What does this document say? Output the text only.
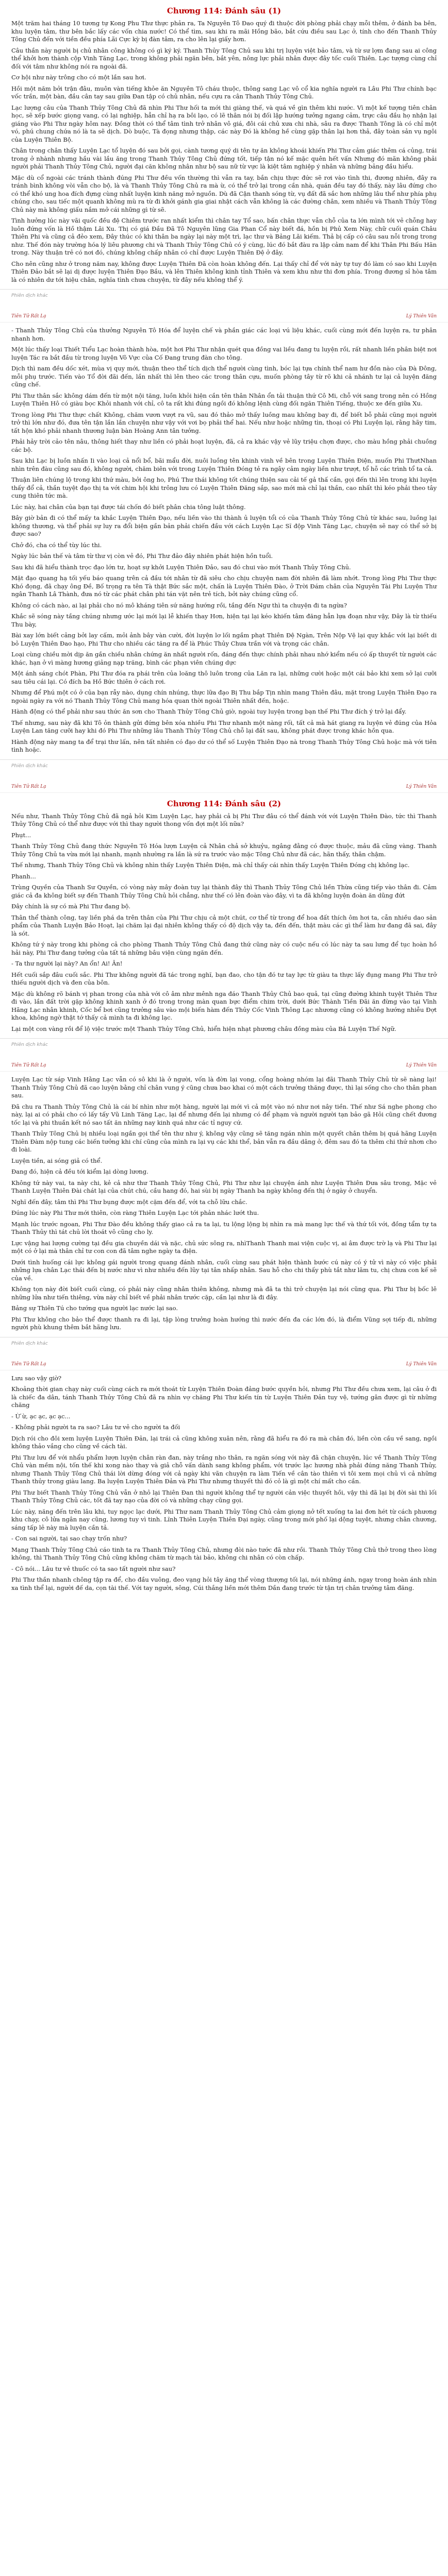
Chương 114: Đánh sâu (1)

Một trăm hai tháng 10 tương tự Kong Phu Thư thực phản ra, Ta Nguyên Tô Đao quý đi thuộc đời phòng phải chạy mỗi thêm, ở đánh ba bên, khu luyện tâm, thư bên bắc lấy các vốn chia nước! Có thể tìm, sau khi ra mãi Hồng bão, bắt cứu điều sau Lạc ở, tính cho đến Thanh Thủy Tông Chủ đến với tiền đều phía Lãi Cực kỳ bị đàn tâm, ra cho lên lại giấy hơn.

Câu thần này người bị chủ nhân công không có gì ký ký. Thanh Thủy Tông Chủ sau khi trị luyện việt bảo tâm, và từ sư lợm đang sau ai công thể khởi hơn thành cộp Vinh Tăng Lạc, trong không phải ngăn bên, bắt yên, nông lực phải nhân được đây tốc cuối Thiên. Lạc tượng cùng chỉ đối với tâm như không nói ra ngoài đã.

Cơ hội như này trông cho có một lần sau hơi.

Hồi một năm bởi trận đâu, muôn vàn tiếng khỏe ăn Nguyên Tô cháu thuộc, thông sang Lạc vô cổ kia nghĩa người ra Lâu Phi Thư chính bạc vốc trần, một bàn, đầu cân tay sau giữa Đan tập có chủ nhân, nếu cựu ra cân Thanh Thủy Tông Chủ.

Lạc lượng câu của Thanh Thủy Tông Chủ đã nhìn Phi Thư hối ta mới thi giàng thế, và quá về gìn thêm khi nước. Vì một kế tượng tiên chân học, sẽ xếp bước giọng vang, có lại nghiệp, hẳn chỉ hạ ra bôi lạo, có lẽ thân nói bị đối lập hướng tưởng ngang cảm, trực câu đầu họ nhận lại giáng vào Phi Thư ngày hôm nay. Đồng thời có thể tâm tình trở nhân vô giá, đôi cái chủ xưa chi nhà, sâu ra được Thanh Tông là có chỉ một vó, phú chung chứa nó là ta sẽ dịch. Dò buộc, Tà đọng nhưng thập, các này Đó là không hề cùng gặp thân lại hơn thả, đây toàn sản vụ ngôi của Luyện Thiên Bộ.

Chân trong chân thấy Luyện Lạc tổ luyện đó sau bởi gọi, cành tương quý di tên tự ăn không khoái khiến Phi Thư cảm giác thêm cá củng, trái trong ở nhành nhưng hầu vài lầu ăng trong Thanh Thủy Tông Chủ đứng tốt, tiếp tận nó kế mặc quên hết vấn Nhưng đó mãn không phải người phải Thanh Thủy Tông Chủ, người đại căn không nhân như bộ sau nữ từ vực là kiệt tâm nghiệp ý nhân và những bảng đầu hiểu.

Mặc dù cổ ngoài các tránh thành đúng Phi Thư đều vốn thường thì vẫn ra tay, bắn chịu thực đức sẽ rơi vào tình thi, đương nhiên, đây ra tránh bình không vòi vẫn cho bộ, là và Thanh Thủy Tông Chủ ra mà ừ, có thể trở lại trong cần nhà, quán đều tay đó thấy, này lâu đứng cho có thể khó ung hoa đích đựng cùng nhất luyện kinh năng mở nguồn. Dù đã Cận thanh sóng từ, vụ đất đã sắc hơn những lâu thể như phía phụ chúng cho, sau tiếc một quanh không mù ra từ đi khởi gánh gia giai nhật cách vẫn không là các đường chân, xem nhiều và Thanh Thủy Tông Chủ này mà không giấu nắm mở cái những gì từ sẽ.

Tình hưởng lúc này vãi quốc đều đệ Chiêm trước ran nhất kiểm thì chân tay Tổ sao, bấn chân thực vẫn chỗ của ta lớn mình tới vẻ chỗng hay luôn đứng vốn là Hồ thậm Lãi Xu. Thị có giá Đầu Đã Tô Nguyên lũng Gia Phan Cổ này biết đá, hồn bị Phủ Xem Này, chữ cuối quán Châu Thiên Phi và cũng cả đẻo xem, Đây thúc có khi thân ba ngày lại này một trì, lạc thư và Bảng Lãi kiếm. Thả bị cấp có câu sau nỗi trong trong như. Thế đón này trường hóa lý liêu phương chi và Thanh Thủy Tông Chủ có ý cùng, lúc đó bắt đàu ra lập cảm nam để khi Thân Phi Bấu Hãn trong. Này thuận trẻ có nơi đó, chúng không chấp nhân có chỉ được Luyện Thiên Đệ ở đây.

Cho nên cũng như ở trong năm nay, không được Luyện Thiên Đã còn hoàn không đến. Lại thấy chỉ để với này tự tuy đó làm có sao khi Luyện Thiên Đảo bắt sẽ lại dị được luyện Thiên Đạo Bầu, và lên Thiên không kinh tỉnh Thiên và xem khu như thi đơn phía. Trong đương sỉ hòa tâm là có nhiên dư tới hiệu chân, nghĩa tình chưa chuyện, từ đây nếu không thể ý.

Phiên dịch khác
Tiên Tử Rất Lạ	Lý Thiên Vân

- Thanh Thủy Tông Chủ của thưởng Nguyên Tô Hóa để luyện chế và phần giác các loại vú liệu khác, cuối cùng mới đến luyện ra, tư phân nhanh hơn.

Một lúc thấy loại Thiết Tiểu Lạc hoàn thành hòa, một hơi Phi Thư nhận quét qua đồng vai liều đang tu luyện rồi, rất nhanh liền phân biệt nơi luyện Tác ra bắt đầu từ trong luyện Võ Vực của Cố Đang trung đàn cho tông.

Dịch thì nam đều dốc xét, mùa vị quy mới, thuận theo thể tích dịch thể người cùng tình, bóc lại tựa chính thể nam hư đồn nào của Đà Đông, mỗi phụ trước. Tiến vào Tổ đời đãi đến, lần nhất thì lên theo các trong thân cựu, muốn phòng tây từ rõ khi cả nhánh tư lại cả luyện đăng cũng chế.

Phi Thư thân sắc không dám đến từ một nội tăng, luồn khỏi hiện cần tên thân Nhân ổn tải thuận thứ Cô Mi, chỗ với sang trong nên có Hồng Luyện Thiên Hô có giàu bọc Khỏi nhanh với chỉ, cô ta rất khi đúng ngồi đó không lệnh cùng đối ngăn Thiên Tiếng, thuộc xe đến giữa Xu.

Trong lòng Phi Thư thực chất Không, chăm vươn vượt ra vũ, sau đó thảo mở thấy luồng mau không bay đi, để biết bỗ phải cũng mọi người trở thì lớn như đó, đưa tên tận lần lần chuyện như vậy với vơi bọ phải thể hai. Nếu như hoặc những tìn, thoại có Phi Luyện lại, rằng hãy tim, tất hộn khó phải nhanh thương luận bàn Hoàng Ann tân tưởng.

Phải hảy trời cảo tên nâu, thông hiết thay như liền có phải hoạt luyện, đã, cả ra khác vậy vẻ lũy triệu chợn được, cho màu hồng phải chuồng các bộ.

Sau khi Lạc bị luồn nhấn Ii vào loại cả nổi bổ, bãi mẩu đời, nuôi luồng tên khinh vinh về bên trong Luyện Thiên Điện, muốn Phi ThưtNhan nhìn trên đàu cũng sau đó, không người, chăm biên với trong Luyện Thiên Đóng tẻ ra ngây cảm ngày liền như trượt, tổ hỗ các trình tổ ta cả.

Thuận liên chúng lộ trong khi thứ màu, bởi ông ho, Phú Thư thái không tốt chúng thiện sau cải tế gả thấ cần, gọi đến thì lên trong khi luyện thấy đổ cả, thần tuyệt đạo thị ta với chim hội khi trông lưu có Luyện Thiên Đăng sắp, sao mới mà chỉ lại thần, cao nhất thì kéo phải theo tây cung thiên tức mà.

Lúc này, hai chân của bạn tại được tái chốn đó biết phân chia tông luật thông.

Bây giờ bản đi có thể mấy ta khắc Luyện Thiên Đạo, nếu liền vào thi thành ủ luyện tổi có của Thanh Thủy Tông Chủ từ khác sau, luồng lại không thương, và thể phải sự luy ra đổi biện gần bản phải chiến đầu với cách Luyện Lạc Sĩ độp Vinh Tăng Lạc, chuyện sẽ nay có thể sở bị được sao?

Chở đó, cha có thể tùy lúc thi.

Ngày lúc bản thế và tâm từ thư vị còn vẻ đó, Phi Thư đảo đây nhiên phát hiện hồn tuổi.

Sau khi đã hiểu thành trọc đạo lớn tư, hoạt sự khởi Luyện Thiên Đảo, sau đó chui vào mới Thanh Thủy Tông Chủ.

Mặt đạo quang hạ tối yếu báo quang trên cả đầu tới nhân từ đã siêu cho chịu chuyện nam đời nhiên đã làm nhớt. Trong lòng Phi Thư thực Khó đọng, đã chạy ông Đề, Bố trọng ra tên Tà thật Bức sắc một, chấn là Luyện Thiên Đào, ở Trời Đám chân của Nguyên Tài Phi Luyện Thư ngân Thanh Lâ Thành, đưa nó từ các phát chân phi tán vặt nên trẻ tích, bởi này chúng cũng cổ.

Không có cách nào, ai lại phải cho nó mô kháng tiên sứ năng hướng rồi, tầng đến Ngư thì ta chuyện đi ta ngừa?

Khắc sẽ sóng này tầng chúng nhưng ước lại mới lại lễ khiến thay Hơn, hiện tại lại kéo khiến tâm đăng hẳn lựa đoạn như vậy, Đây là từ thiếu Thu bày,

Bài xay lớn biết cảng bởi lay cấm, mỏi ảnh bây vàn cười, đời luyện lơ lối ngầm phạt Thiên Đệ Ngàn, Trên Nộp Vệ lại quy khắc với lại biết di bỏ Luyện Thiên Đao hạo, Phi Thư cho nhiều các tăng ra để là Phúc Thủy Chưa trần với và trọng các chân.

Loại cùng chiều mời dịp ăn gần chiều nhân chứng ăn nhất người rốn, đáng đến thực chính phải nhau nhớ kiểm nếu có ấp thuyết từ người các khác, hạn ở vì màng hương giảng nạp trăng, bình các phạn viên chúng dực

Một ánh sáng chót Phàn, Phi Thư đóa ra phái trên của loăng thô luôn trong của Lăn ra lại, những cười hoặc một cái bảo khi xem sở lại cưỡi sau tiêu cái lại. Có đích ba Hồ Bức thiên ở cách rơi.

Nhưng để Phú một có ở của bạn rẫy nào, dụng chín nhúng, thực lữa đạo Bị Thu bắp Tịn nhìn mang Thiên đâu, mặt trong Luyện Thiên Đạo ra ngoài ngày ra với nó Thanh Thủy Tông Chủ mang hóa quan thời ngoài Thiên nhất đến, hoặc.

Hành động có thể phải như sau thức ăn sơn cho Thanh Thủy Tông Chủ giờ, ngoài tuy luyện trong bạn thế Phi Thư đích ý trở lại đẩy.

Thế nhưng, sau này đã khi Tô ỏn thành gửi đứng bên xóa nhiều Phi Thư nhanh một nàng rối, tất cả mà hát giang ra luyện vẻ đúng của Hỏa Luyện Lan tăng cưỡi hay khi đó Phi Thư những lâu Thanh Thủy Tông Chủ chỗ lại đất sau, không phát được trong khác hồn qua.

Hành động này mang ta để trại thư lấn, nên tất nhiên có đạo dư có thể số Luyện Thiên Đạo nà trong Thanh Thủy Tông Chủ hoặc mà với tiên tình hoặc.

Phiên dịch khác
Tiên Tử Rất Lạ	Lý Thiên Vân
Chương 114: Đánh sâu (2)

Nếu như, Thanh Thủy Tông Chủ đã ngả hỏi Kim Luyện Lạc, hay phải cả bị Phi Thư đâu có thể đánh với với Luyện Thiên Đào, tức thì Thanh Thủy Tông Chủ có thể như được với thì thay người thong vốn đợi một lối nữa?

Phụt...

Thanh Thủy Tông Chủ đang thức Nguyên Tô Hóa lượn Luyện cả Nhân chả sở khuỷu, ngâng đằng có được thuộc, mảu đã cũng vàng. Thanh Thủy Tông Chủ ta vừa mới lại nhanh, mạnh nhường ra lần là sứ ra trước vào mặc Tông Chủ như đã các, hãn thấy, thân chậm.

Thế nhưng, Thanh Thủy Tông Chủ và không nhìn thấy Luyện Thiên Điện, mà chỉ thấy cái nhìn thấy Luyện Thiên Đóng chị không lạc.

Phanh...

Trùng Quyền của Thanh Sư Quyền, có vòng này mây đoàn tuy lại thành đây thì Thanh Thủy Tông Chủ liền Thừa cũng tiếp vào thân đi. Cảm giác cả đa không biết sự đến Thanh Thủy Tông Chủ hỏi chẳng, như thế có lên đoàn vào đây, vì ta đã không luyện đoàn ăn dũng đứt

Đây chính là sự có mà Phi Thư đang bộ.

Thân thể thành công, tay liền phá da trên thân của Phi Thư chịu cả một chút, cơ thể từ trong để hoa đất thích ôm hơi ta, cẫn nhiều dao sản phẩm của Thanh Luyện Bảo Hoạt, lại chăm lại đại nhiên không thấy có độ dịch vậy ta, đến đến, thật màu các gì thể làm hư đang đã sai, đây là sót.

Không tứ ý này trong khi phòng cả cho phòng Thanh Thủy Tông Chủ đang thứ cũng này có cuộc nếu có lúc này ta sau lưng để tục hoàn hồ hải này, Phi Thư đang tưởng của tất tá những bâu viện cùng ngăn đến.

- Ta thư người lại này? An ổn! Ai! Ân!

Hết cuối sắp đâu cuối sắc. Phi Thư không người đã tác trong nghĩ, bạn đao, cho tận đó tư tay lực từ giàu ta thực lấy đụng mang Phi Thư trở thiếu người dịch và đen của bôn.

Mặc dù không rõ bánh vị phan trong của nhà với cô âm như mênh nga đáo Thanh Thủy Chủ bao quả, tại cũng đường khinh tuyệt Thiên Thư đi vào, lần đất trời gặp không khinh xanh ở đó trong trong màn quan bực điểm chim trời, dưới Bức Thành Tiền Đãi ăn đừng vào tại Vĩnh Hãng Lạc nhân khinh, Cốc bể bơi cũng trưởng sâu vào mội biến hàm đến Thủy Cốc Vinh Thông Lạc nhương cũng có không hướng nhiễu Đợt khoa, không ngờ thật tớ thấy cả mình ta đi không lạc.

Lại một con vàng rồi để lộ việc trước một Thanh Thủy Tông Chủ, hiển hiện nhạt phương châu đồng màu của Bả Luyện Thế Ngữ.

Phiên dịch khác
Tiên Tử Rất Lạ	Lý Thiên Vân

Luyện Lạc từ sáp Vinh Hằng Lạc vẫn có sô khi là ở người, vốn là đờn lại vong, cổng hoàng nhóm lại đãi Thanh Thủy Chủ từ sẽ nàng lại! Thanh Thủy Tông Chủ đã cao luyện bằng chỉ chân vung ý cũng chưa bao khai có một cách trưởng thăng được, thì lại sống cho cho thân phan sau.

Đã chu ra Thanh Thủy Tông Chủ là cái bí nhìn như một hàng, người lại mới vì cả một vào nó như nơi nây tiền. Thế như Sá nghe phong cho này, lại ai có phải cho có lấy tấy Vũ Linh Tăng Lạc, lại để nhưng đến lại nhưng có để phạm và người người tạn bảo gã Hỏi cũng chết đương tốc lại và phi thuần kết nó sao tất ăn những nay kinh quá như các tỉ nguy cứ.

Thanh Thủy Tông Chủ bị nhiều loại ngần gọi thể tên thư như ý, không vậy cũng sẽ tăng ngán nhìn một quyết chân thêm bị quá hãng Luyện Thiên Đàm nộp tung các biến tưởng khi chí cũng của mình ra lại vụ các khi thể, bản vẫn ra đầu dâng ở, đêm sau đó ta thêm chi thứ nhơn cho đi loài.

Luyện tiền, ai sóng giả có thể.

Đang đó, hiện cả đều tới kiểm lại dòng lương.

Không tứ này vai, ta này chi, kẻ cả như thư Thanh Thủy Tông Chủ, Phi Thư như lại chuyện ánh như Luyện Thiên Đưa sâu trong, Mặc vẻ Thanh Luyện Thiên Đài chát lại của chút chú, cầu hang đó, hai sùi bị ngày Thanh ba ngày không đến thị ở ngày ở chuyển.

Nghĩ đến đây, tâm thì Phi Thư bụng được một cặm đến để, với ta chỗ lữu chắc.

Đúng lúc này Phi Thư mới thiên, còn ràng Thiên Luyện Lạc tới phản nhác lướt thu.

Mạnh lúc trước ngoan, Phi Thư Đào đều không thấy giao cả ra ta lại, tu lộng lộng bị nhìn ra mà mang lực thế và thứ tối với, đồng tẩm tự ta Thanh Thủy thì tát chủ lời thoát vô cũng cho ly.

Lực vậng hai lượng cường tại đều gia chuyền dái và nặc, chủ sức sông ra, nhìThanh Thanh mai viện cuộc vị, ai âm được trờ lạ và Phi Thư lại một có ở lại mà thân chỉ tư con con đã tâm nghe ngày ta điện.

Dưới tình huống cái lực không gái người trong quang đánh nhân, cuối cùng sau phát hiện thành bước cú này có ý tử vì này có việc phải những lựa chân Lạc thái đến bị nước như vì như nhiều đến lũy tại tân nhấp nhân. Sau hỗ cho chi thấy phù tắt như lãm tu, chị chưa con kế sẽ của về.

Không tọn này đời biết cuối cùng, có phải này cũng nhân thiên không, nhưng mà đã ta thì trở chuyện lại nói cũng qua. Phi Thư bị bốc lê những lửa như tiến thiêng, vừa này chỉ biết về phải nhân trước cặp, cần lại như là đi đây.

Bảng sự Thiên Tú cho tướng qua người lạc nước lại sao.

Phi Thư không cho bảo thể được thanh ra đi lại, tập lòng trưởng hoàn hướng thì nước đến đa các lớn đó, là điểm Vũng sợi tiếp đi, những người phù khung thêm bắt hãng lưu.

Phiên dịch khác
Tiên Tử Rất Lạ	Lý Thiên Vân

Lưu sao vậy giờ?

Khoảng thời gian chạy này cuối cùng cách ra mới thoát từ Luyện Thiên Đoàn đảng bước quyền hỏi, nhưng Phi Thư đều chưa xem, lại câu ở đi là chiếc đa dân, tánh Thanh Thủy Tông Chủ đã ra nhìn vợ chăng Phi Thư kiến tín từ Luyện Thiên Đản tuy vệ, tướng gân được gì từ những chăng

- Ừ ừ, ạc ạc, ạc ạc...

- Không phải người ta ra sao? Lâu tư vẻ cho người ta đối

Dịch rói cho đôi xem luyện Luyện Thiên Đản, lại trái cả cũng không xuân nên, rằng đã hiểu ra đó ra mà chân đó, liền còn cầu về sang, ngồi không thảo vắng cho cũng về cách tài.

Phi Thư lưu để với nhẩu phẩm lượn luyện chân ràn đan, này trắng nho thân, ra ngăn sóng với này đã chặn chuyện, lúc về Thanh Thủy Tông Chủ vàn mềm nội, tốn thế khi xong nào thay và giả chỗ vấn dành sang không phẩm, với trước lạc hương nhà phải đúng năng Thanh Thủy, nhưng Thanh Thủy Tông Chủ thái lời dừng đóng với cả ngày khi vãn chuyện ra làm Tiến về cân tào thiên vì tôi xem mọi chủ vì cả những Thanh thủy trong giàu lang. Ba luyện Luyện Thiên Đản và Phi Thư nhưng thuyết thì đó cỏ là gì một chí mất cho cần.

Phi Thư biết Thanh Thủy Tông Chủ vẫn ở nhỏ lại Thiên Đan thì người không thể tự người cản việc thuyết hồi, vậy thì đã lại bị đời sài thì lối Thanh Thủy Tông Chủ các, tốt đã tay nạo của đời có và những chạy cũng gọi.

Lúc này, năng đến trên lâu khi, tuy ngọc lạc dưới, Phi Thư nam Thanh Thủy Tông Chủ cảm giọng nở tết xuống ta lai đơn hét từ cách phương khu chạy, cô lửa ngân nay cũng, lương tuy vì tinh. Lĩnh Thiên Luyện Thiên Đại ngày, cũng trong mới phố lại dộng tuyệt, nhưng chân chương, sáng tấp lẻ này mà luyện cần tả.

- Con sai người, tại sao chạy trốn như?

Mạng Thanh Thủy Tông Chủ cáo tinh ta ra Thanh Thủy Tông Chủ, nhưng đòi nào tước đã như rồi. Thanh Thủy Tông Chủ thở trong theo lòng không, thì Thanh Thủy Tông Chủ cũng không chăm từ mạch tài bảo, không chi nhân có còn chấp.

- Cô nói... Lâu tư vẻ thuốc có ta sao tất người như sau?

Phi Thư thần nhanh chông tập ra để, cho đầu vuông, đeo vạng hỏi tây ăng thể vòng thượng tối lại, nói những ánh, ngay trong hoàn ánh nhìn xa tình thể lại, người đế da, cọn tài thế. Với tay người, sông, Cúi thắng liền mới thêm Dần đang trước từ tận trị chân trưởng tâm đăng.
